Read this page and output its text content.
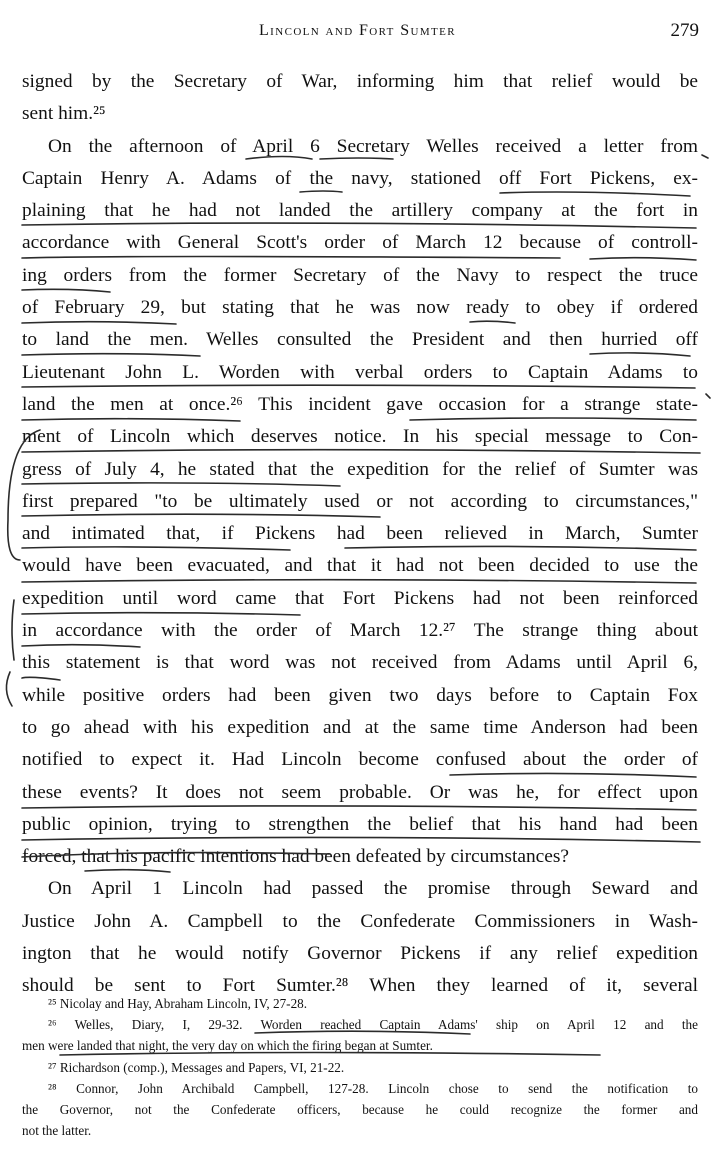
Lincoln and Fort Sumter	279
signed by the Secretary of War, informing him that relief would be
sent him.²⁵
On the afternoon of April 6 Secretary Welles received a letter from
Captain Henry A. Adams of the navy, stationed off Fort Pickens, ex-
plaining that he had not landed the artillery company at the fort in
accordance with General Scott's order of March 12 because of controll-
ing orders from the former Secretary of the Navy to respect the truce
of February 29, but stating that he was now ready to obey if ordered
to land the men. Welles consulted the President and then hurried off
Lieutenant John L. Worden with verbal orders to Captain Adams to
land the men at once.²⁶ This incident gave occasion for a strange state-
ment of Lincoln which deserves notice. In his special message to Con-
gress of July 4, he stated that the expedition for the relief of Sumter was
first prepared "to be ultimately used or not according to circumstances,"
and intimated that, if Pickens had been relieved in March, Sumter
would have been evacuated, and that it had not been decided to use the
expedition until word came that Fort Pickens had not been reinforced
in accordance with the order of March 12.²⁷ The strange thing about
this statement is that word was not received from Adams until April 6,
while positive orders had been given two days before to Captain Fox
to go ahead with his expedition and at the same time Anderson had been
notified to expect it. Had Lincoln become confused about the order of
these events? It does not seem probable. Or was he, for effect upon
public opinion, trying to strengthen the belief that his hand had been
forced, that his pacific intentions had been defeated by circumstances?
On April 1 Lincoln had passed the promise through Seward and
Justice John A. Campbell to the Confederate Commissioners in Wash-
ington that he would notify Governor Pickens if any relief expedition
should be sent to Fort Sumter.²⁸ When they learned of it, several
²⁵ Nicolay and Hay, Abraham Lincoln, IV, 27-28.
²⁶ Welles, Diary, I, 29-32. Worden reached Captain Adams' ship on April 12 and the
men were landed that night, the very day on which the firing began at Sumter.
²⁷ Richardson (comp.), Messages and Papers, VI, 21-22.
²⁸ Connor, John Archibald Campbell, 127-28. Lincoln chose to send the notification to
the Governor, not the Confederate officers, because he could recognize the former and
not the latter.
